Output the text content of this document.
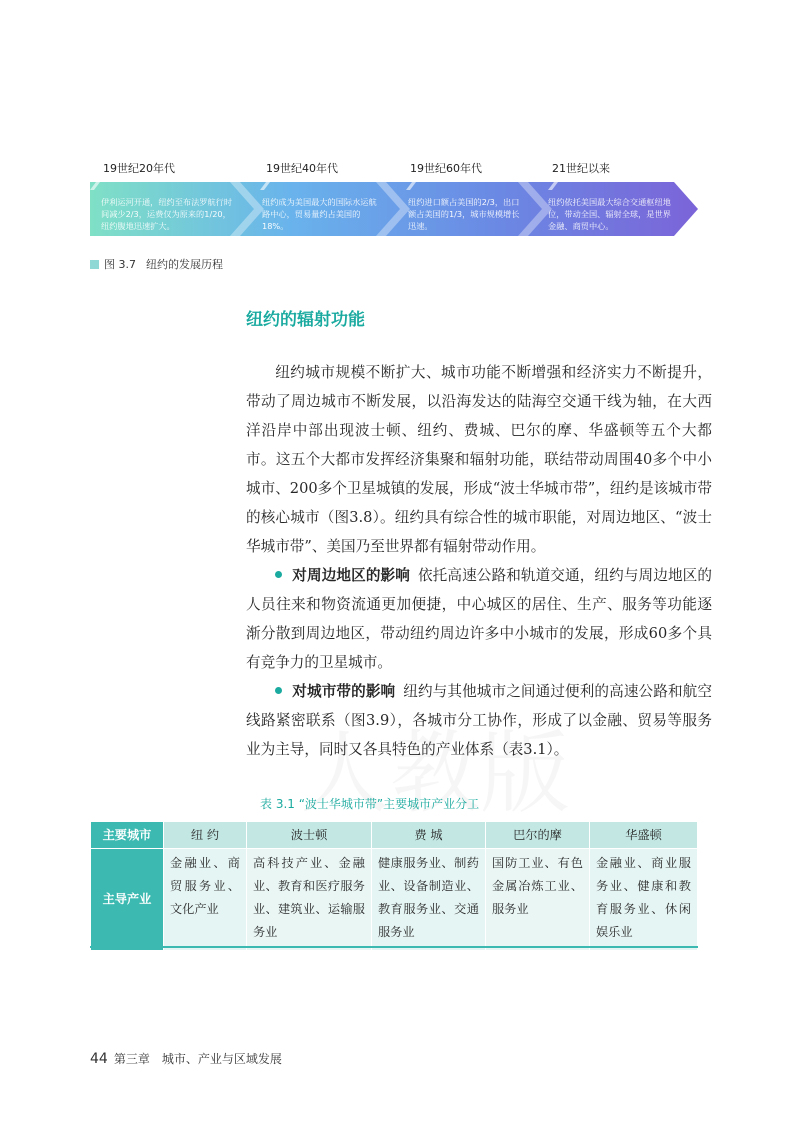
19世纪20年代	19世纪40年代	19世纪60年代	21世纪以来
伊利运河开通，纽约至布法罗航行时间减少2/3，运费仅为原来的1/20，纽约腹地迅速扩大。
纽约成为美国最大的国际水运航路中心，贸易量约占美国的18%。
纽约进口额占美国的2/3，出口额占美国的1/3，城市规模增长迅速。
纽约依托美国最大综合交通枢纽地位，带动全国、辐射全球，是世界金融、商贸中心。
图 3.7 纽约的发展历程
纽约的辐射功能

纽约城市规模不断扩大、城市功能不断增强和经济实力不断提升，带动了周边城市不断发展，以沿海发达的陆海空交通干线为轴，在大西洋沿岸中部出现波士顿、纽约、费城、巴尔的摩、华盛顿等五个大都市。这五个大都市发挥经济集聚和辐射功能，联结带动周围40多个中小城市、200多个卫星城镇的发展，形成“波士华城市带”，纽约是该城市带的核心城市（图3.8）。纽约具有综合性的城市职能，对周边地区、“波士华城市带”、美国乃至世界都有辐射带动作用。

对周边地区的影响 依托高速公路和轨道交通，纽约与周边地区的人员往来和物资流通更加便捷，中心城区的居住、生产、服务等功能逐渐分散到周边地区，带动纽约周边许多中小城市的发展，形成60多个具有竞争力的卫星城市。

对城市带的影响 纽约与其他城市之间通过便利的高速公路和航空线路紧密联系（图3.9），各城市分工协作，形成了以金融、贸易等服务业为主导，同时又各具特色的产业体系（表3.1）。

表 3.1 “波士华城市带”主要城市产业分工
主要城市	纽 约	波士顿	费 城	巴尔的摩	华盛顿
主导产业	金融业、商贸服务业、文化产业	高科技产业、金融业、教育和医疗服务业、建筑业、运输服务业	健康服务业、制药业、设备制造业、教育服务业、交通服务业	国防工业、有色金属冶炼工业、服务业	金融业、商业服务业、健康和教育服务业、休闲娱乐业
44 第三章　城市、产业与区域发展
